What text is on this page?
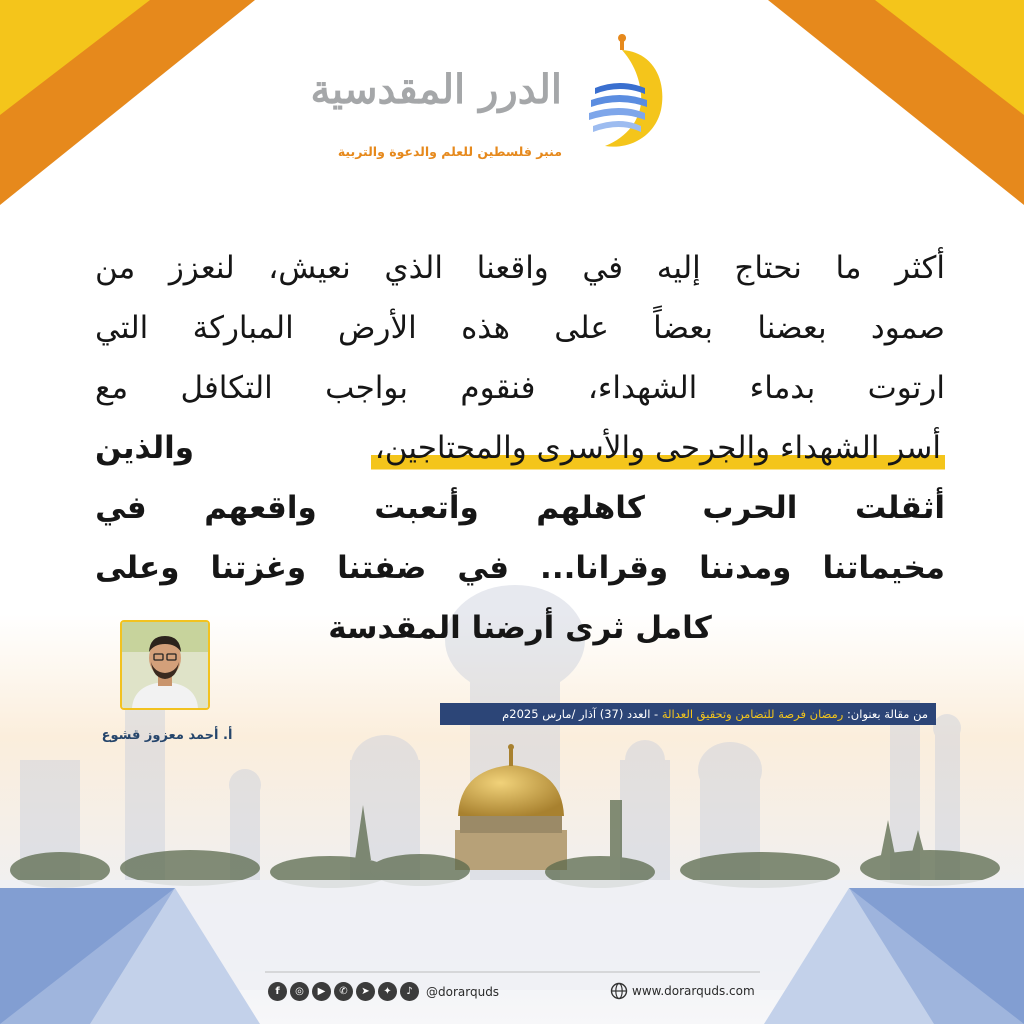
الدرر المقدسية
منبر فلسطين للعلم والدعوة والتربية
أكثر
ما
نحتاج
إليه
في
واقعنا
الذي
نعيش،
لنعزز
من
صمود
بعضنا
بعضاً
على
هذه
الأرض
المباركة
التي
ارتوت
بدماء
الشهداء،
فنقوم
بواجب
التكافل
مع
أسر الشهداء والجرحى والأسرى والمحتاجين،
والذين
أثقلت
الحرب
كاهلهم
وأتعبت
واقعهم
في
مخيماتنا
ومدننا
وقرانا...
في
ضفتنا
وغزتنا
وعلى
كامل ثرى أرضنا المقدسة
أ. أحمد معزوز قشوع
من مقالة بعنوان: رمضان فرصة للتضامن وتحقيق العدالة - العدد (37) آذار /مارس 2025م
f	◎	▶	✆	➤	✦	♪	@dorarquds	www.dorarquds.com
